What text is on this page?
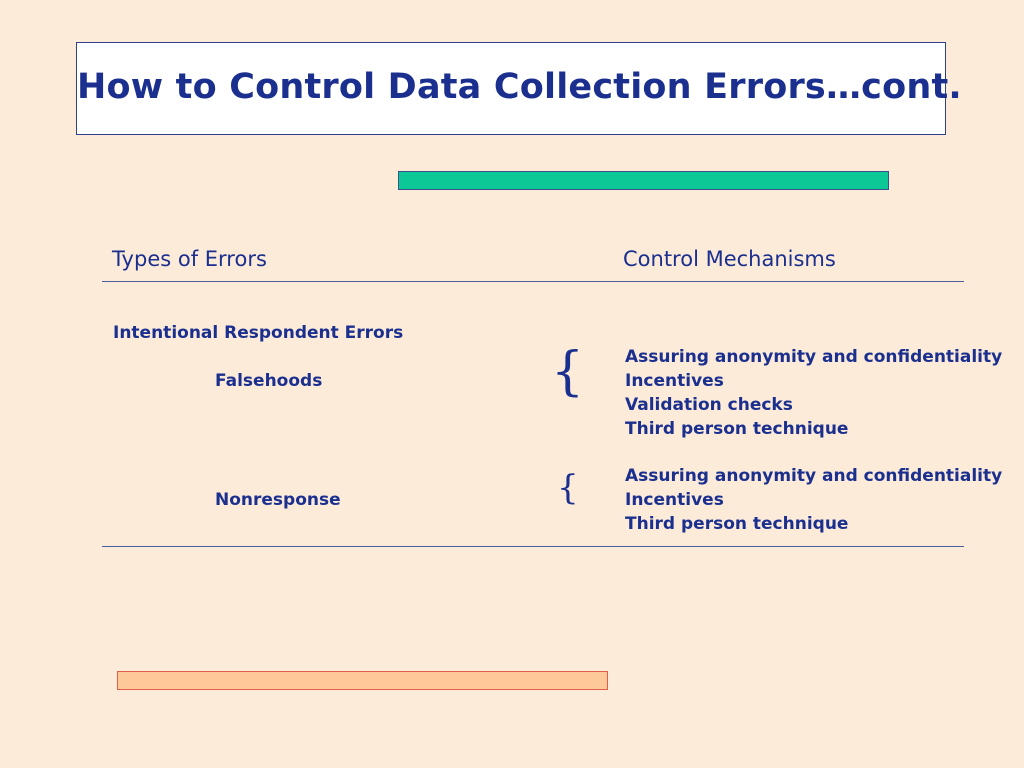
How to Control Data Collection Errors…cont.
Types of Errors	Control Mechanisms
Intentional Respondent Errors
Falsehoods	{ Assuring anonymity and confidentiality
Incentives
Validation checks
Third person technique
Nonresponse	{	Assuring anonymity and confidentiality
Incentives
Third person technique
